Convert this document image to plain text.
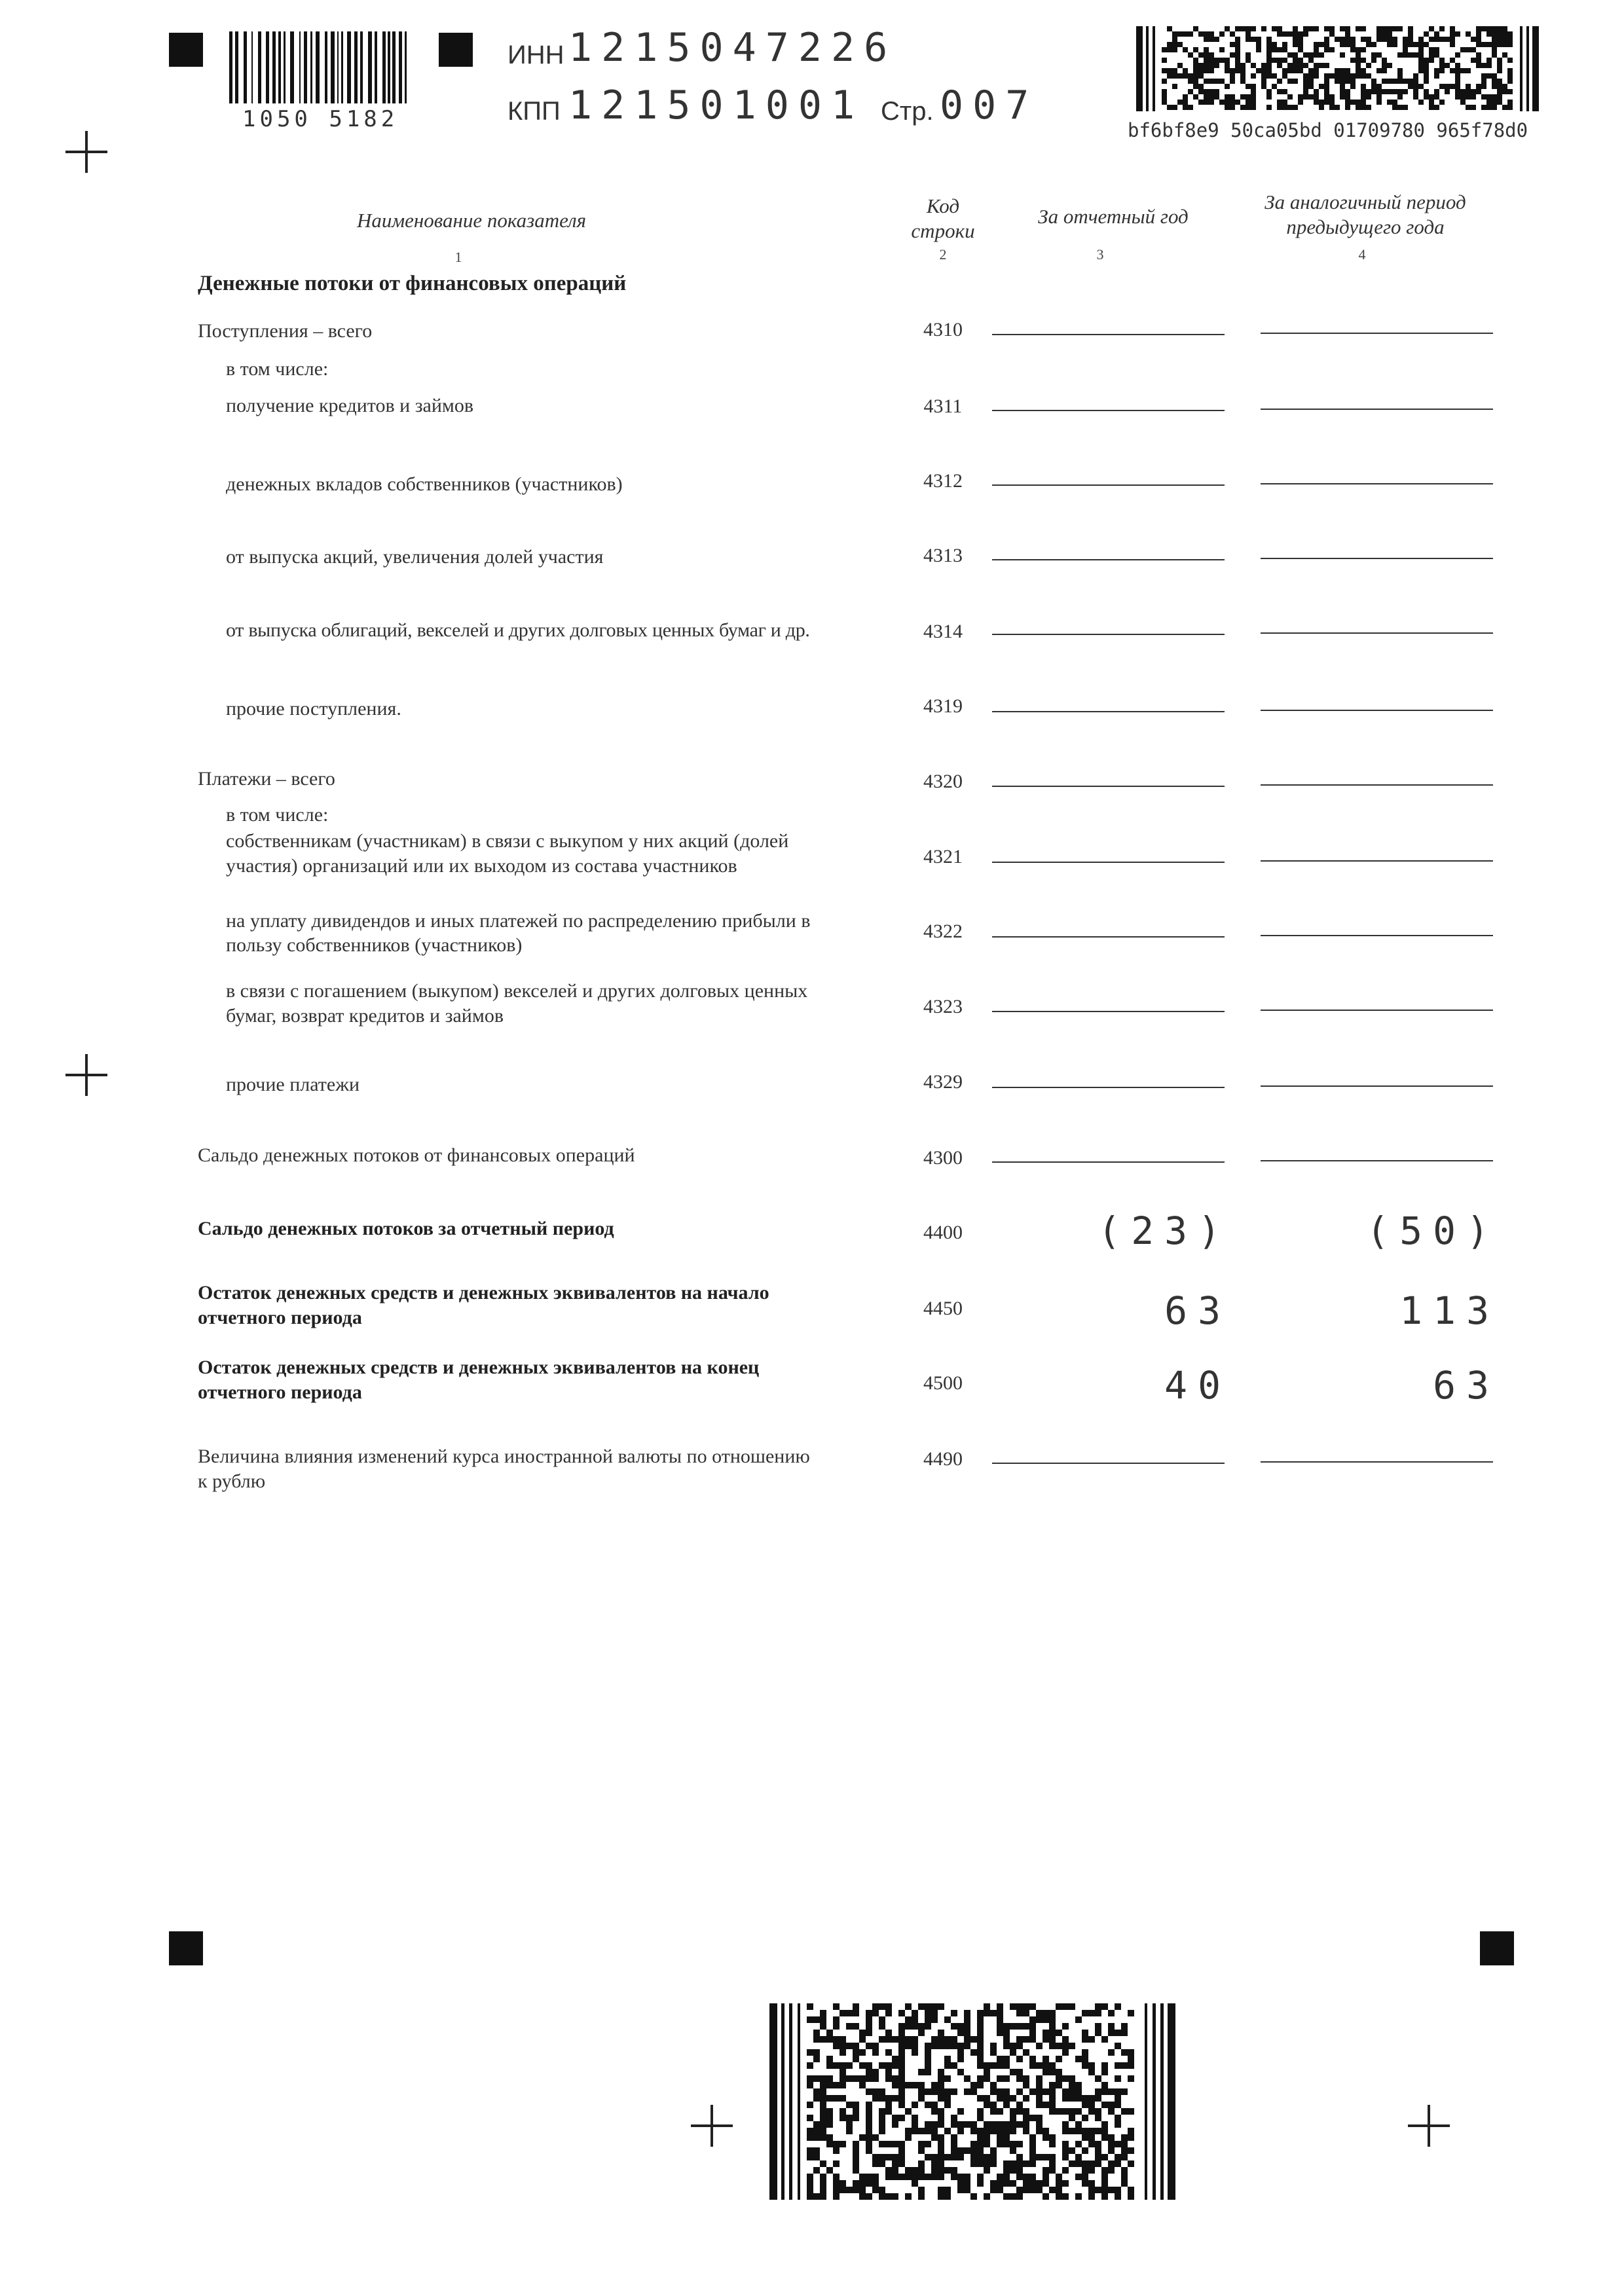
1050 5182
ИНН 1215047226
КПП 121501001 Стр. 007
bf6bf8e9 50ca05bd 01709780 965f78d0
Наименование показателя
Код строки
За отчетный год
За аналогичный период предыдущего года
1	2	3	4
Денежные потоки от финансовых операций
Поступления – всего	4310
в том числе:
получение кредитов и займов	4311
денежных вкладов собственников (участников)	4312
от выпуска акций, увеличения долей участия	4313
от выпуска облигаций, векселей и других долговых ценных бумаг и др.	4314
прочие поступления.	4319
Платежи – всего	4320
в том числе:
собственникам (участникам) в связи с выкупом у них акций (долей
участия) организаций или их выходом из состава участников	4321
на уплату дивидендов и иных платежей по распределению прибыли в
пользу собственников (участников)
4322
в связи с погашением (выкупом) векселей и других долговых ценных
бумаг, возврат кредитов и займов	4323
прочие платежи	4329
Сальдо денежных потоков от финансовых операций	4300
Сальдо денежных потоков за отчетный период	4400	(23)	(50)
Остаток денежных средств и денежных эквивалентов на начало
отчетного периода	4450	63	113
Остаток денежных средств и денежных эквивалентов на конец
отчетного периода	4500	40	63
Величина влияния изменений курса иностранной валюты по отношению
к рублю
4490
